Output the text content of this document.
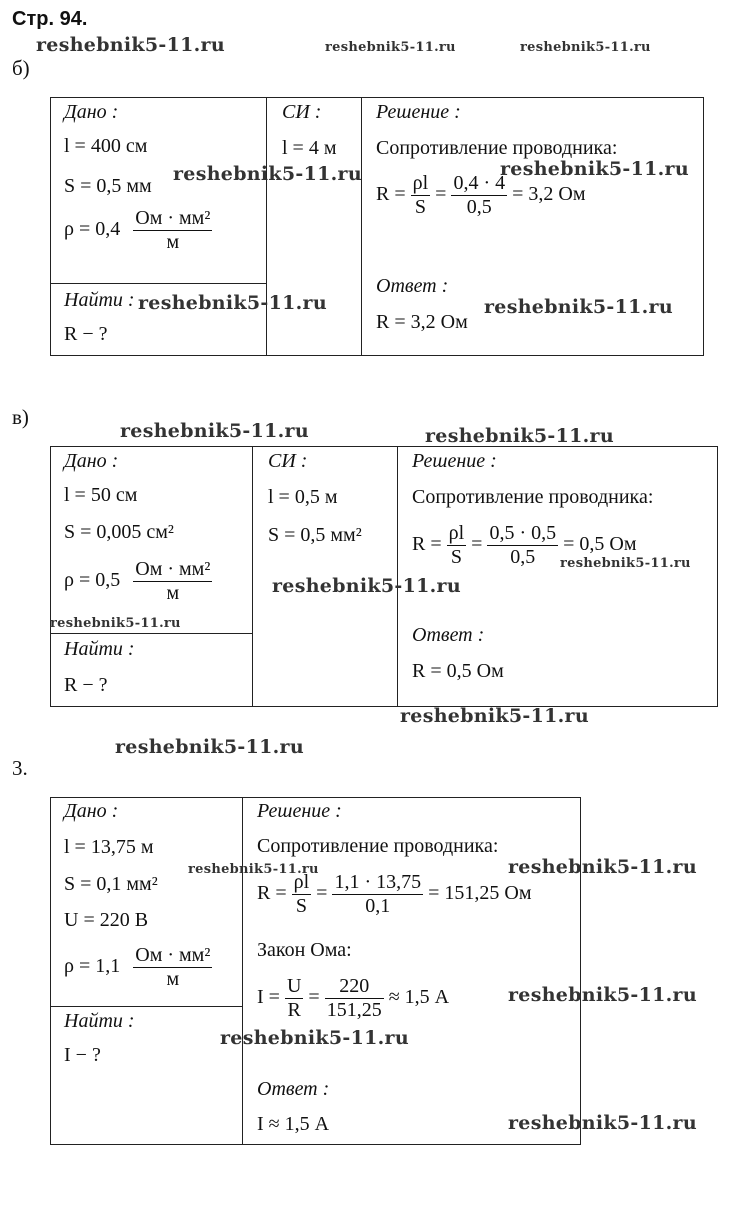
Стр. 94.
reshebnik5-11.ru	reshebnik5-11.ru	reshebnik5-11.ru
б)
Дано :
l = 400 см
S = 0,5 мм
$\rho = 0,4 \frac{\text{Ом · мм²}}{м}$
Найти :
R − ?
СИ :
l = 4 м
Решение :
Сопротивление проводника:
$R = \frac{\rho l}{S} = \frac{0,4 \cdot 4}{0,5} = 3,2$ Ом
Ответ :
R = 3,2 Ом
reshebnik5-11.ru	reshebnik5-11.ru
reshebnik5-11.ru	reshebnik5-11.ru
в)
reshebnik5-11.ru	reshebnik5-11.ru
Дано :
l = 50 см
S = 0,005 см²
$\rho = 0,5 \frac{\text{Ом · мм²}}{м}$
Найти :
R − ?
СИ :
l = 0,5 м
S = 0,5 мм²
Решение :
Сопротивление проводника:
$R = \frac{\rho l}{S} = \frac{0,5 \cdot 0,5}{0,5} = 0,5$ Ом
Ответ :
R = 0,5 Ом
reshebnik5-11.ru
reshebnik5-11.ru
reshebnik5-11.ru
reshebnik5-11.ru
reshebnik5-11.ru
3.
Дано :
l = 13,75 м
S = 0,1 мм²
U = 220 В
$\rho = 1,1 \frac{\text{Ом · мм²}}{м}$
Найти :
I − ?
Решение :
Сопротивление проводника:
$R = \frac{\rho l}{S} = \frac{1,1 \cdot 13,75}{0,1} = 151,25$ Ом
Закон Ома:
$I = \frac{U}{R} = \frac{220}{151,25} \approx 1,5$ А
Ответ :
I ≈ 1,5 А
reshebnik5-11.ru	reshebnik5-11.ru
reshebnik5-11.ru
reshebnik5-11.ru
reshebnik5-11.ru
